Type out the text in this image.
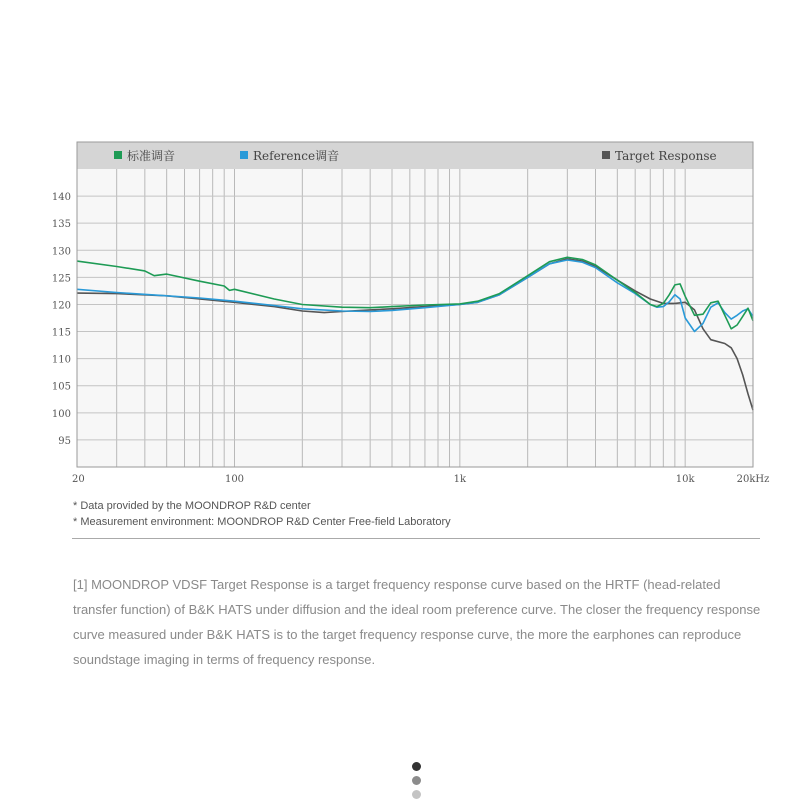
140
135
130
125
120
115
110
105
100
95
20	100	1k	10k	20kHz
标准调音	Reference调音	Target Response

* Data provided by the MOONDROP R&D center

* Measurement environment: MOONDROP R&D Center Free-field Laboratory

[1] MOONDROP VDSF Target Response is a target frequency response curve based on the HRTF (head-related transfer function) of B&K HATS under diffusion and the ideal room preference curve. The closer the frequency response curve measured under B&K HATS is to the target frequency response curve, the more the earphones can reproduce soundstage imaging in terms of frequency response.
